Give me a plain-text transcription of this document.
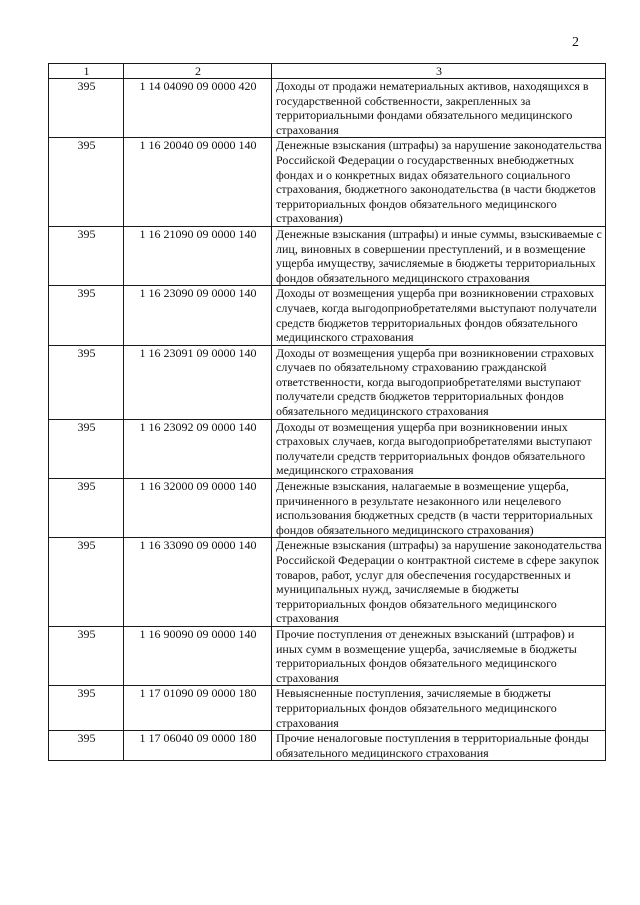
2
1	2	3
395	1 14 04090 09 0000 420	Доходы от продажи нематериальных активов, находящихся в государственной собственности, закрепленных за территориальными фондами обязательного медицинского страхования
395	1 16 20040 09 0000 140	Денежные взыскания (штрафы) за нарушение законодательства Российской Федерации о государственных внебюджетных фондах и о конкретных видах обязательного социального страхования, бюджетного законодательства (в части бюджетов территориальных фондов обязательного медицинского страхования)
395	1 16 21090 09 0000 140	Денежные взыскания (штрафы) и иные суммы, взыскиваемые с лиц, виновных в совершении преступлений, и в возмещение ущерба имуществу, зачисляемые в бюджеты территориальных фондов обязательного медицинского страхования
395	1 16 23090 09 0000 140	Доходы от возмещения ущерба при возникновении страховых случаев, когда выгодоприобретателями выступают получатели средств бюджетов территориальных фондов обязательного медицинского страхования
395	1 16 23091 09 0000 140	Доходы от возмещения ущерба при возникновении страховых случаев по обязательному страхованию гражданской ответственности, когда выгодоприобретателями выступают получатели средств бюджетов территориальных фондов обязательного медицинского страхования
395	1 16 23092 09 0000 140	Доходы от возмещения ущерба при возникновении иных страховых случаев, когда выгодоприобретателями выступают получатели средств территориальных фондов обязательного медицинского страхования
395	1 16 32000 09 0000 140	Денежные взыскания, налагаемые в возмещение ущерба, причиненного в результате незаконного или нецелевого использования бюджетных средств (в части территориальных фондов обязательного медицинского страхования)
395	1 16 33090 09 0000 140	Денежные взыскания (штрафы) за нарушение законодательства Российской Федерации о контрактной системе в сфере закупок товаров, работ, услуг для обеспечения государственных и муниципальных нужд, зачисляемые в бюджеты территориальных фондов обязательного медицинского страхования
395	1 16 90090 09 0000 140	Прочие поступления от денежных взысканий (штрафов) и иных сумм в возмещение ущерба, зачисляемые в бюджеты территориальных фондов обязательного медицинского страхования
395	1 17 01090 09 0000 180	Невыясненные поступления, зачисляемые в бюджеты территориальных фондов обязательного медицинского страхования
395	1 17 06040 09 0000 180	Прочие неналоговые поступления в территориальные фонды обязательного медицинского страхования
